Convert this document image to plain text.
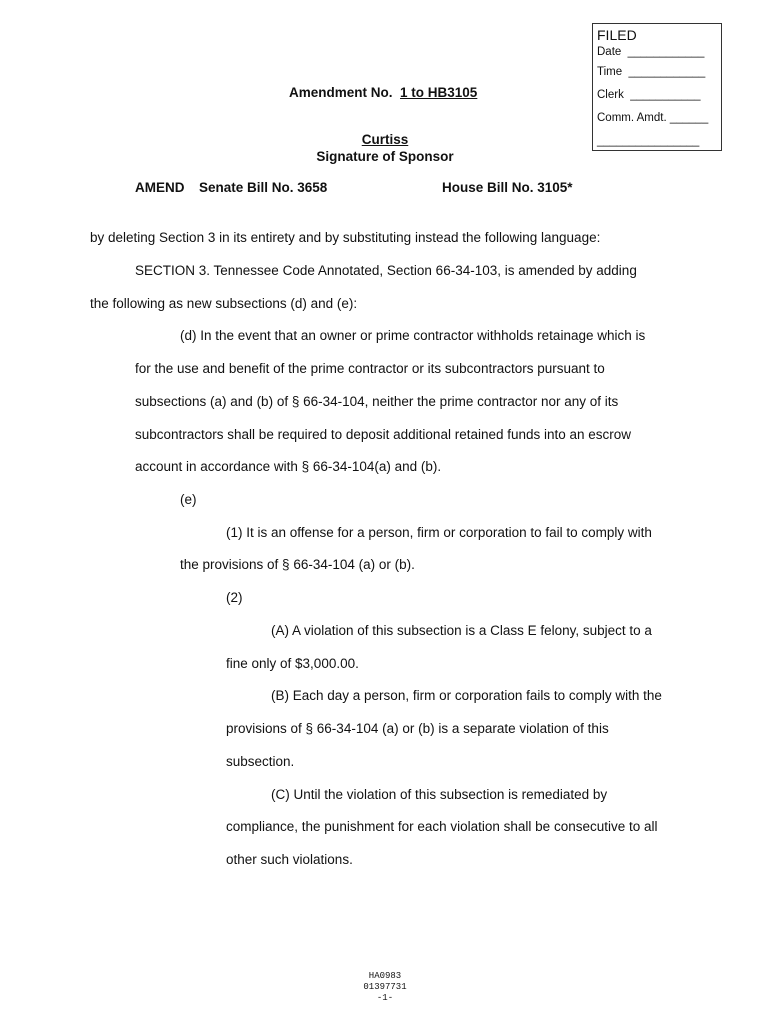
FILED
Date  ____________
Time  ____________
Clerk  ___________
Comm. Amdt. ______
________________
Amendment No. 1 to HB3105
Curtiss
Signature of Sponsor
AMEND Senate Bill No. 3658	House Bill No. 3105*
by deleting Section 3 in its entirety and by substituting instead the following language:
SECTION 3. Tennessee Code Annotated, Section 66-34-103, is amended by adding
the following as new subsections (d) and (e):
(d) In the event that an owner or prime contractor withholds retainage which is
for the use and benefit of the prime contractor or its subcontractors pursuant to
subsections (a) and (b) of § 66-34-104, neither the prime contractor nor any of its
subcontractors shall be required to deposit additional retained funds into an escrow
account in accordance with § 66-34-104(a) and (b).
(e)
(1) It is an offense for a person, firm or corporation to fail to comply with
the provisions of § 66-34-104 (a) or (b).
(2)
(A) A violation of this subsection is a Class E felony, subject to a
fine only of $3,000.00.
(B) Each day a person, firm or corporation fails to comply with the
provisions of § 66-34-104 (a) or (b) is a separate violation of this
subsection.
(C) Until the violation of this subsection is remediated by
compliance, the punishment for each violation shall be consecutive to all
other such violations.
HA0983
01397731
-1-
